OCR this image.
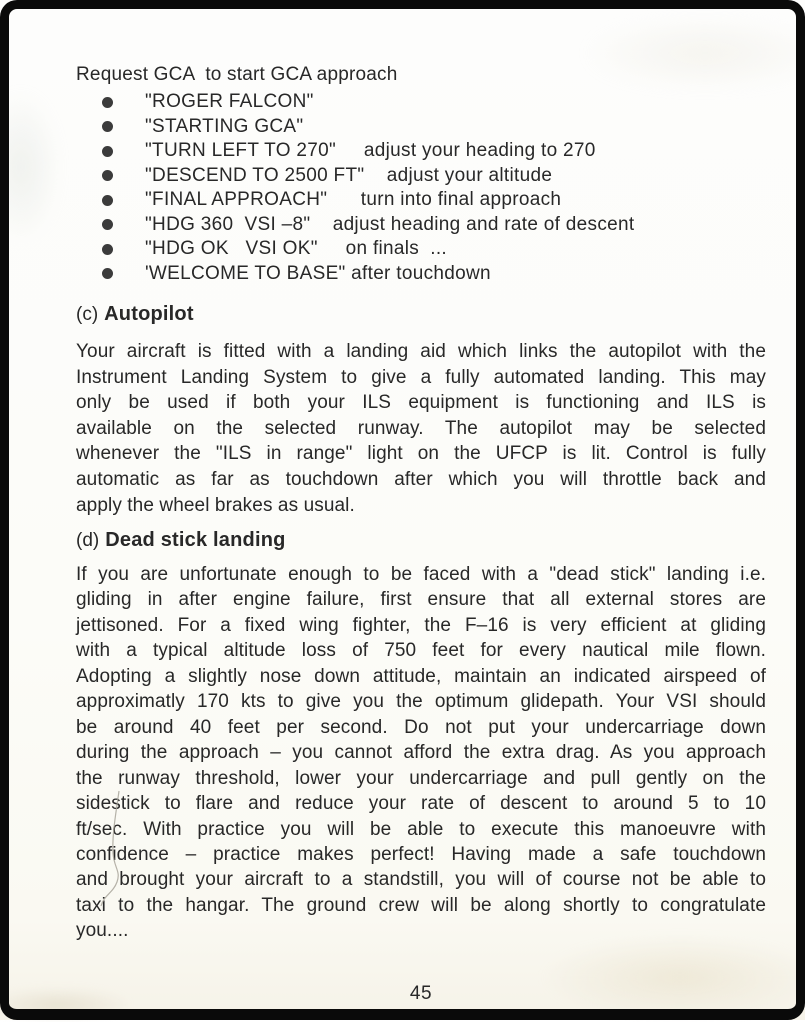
Request GCA  to start GCA approach
"ROGER FALCON"
"STARTING GCA"
"TURN LEFT TO 270"     adjust your heading to 270
"DESCEND TO 2500 FT"    adjust your altitude
"FINAL APPROACH"      turn into final approach
"HDG 360  VSI –8"    adjust heading and rate of descent
"HDG OK   VSI OK"     on finals  ...
'WELCOME TO BASE" after touchdown
(c) Autopilot
Your aircraft is fitted with a landing aid which links the autopilot with the
Instrument Landing System to give a fully automated landing. This may
only be used if both your ILS equipment is functioning and ILS is
available on the selected runway. The autopilot may be selected
whenever the "ILS in range" light on the UFCP is lit. Control is fully
automatic as far as touchdown after which you will throttle back and
apply the wheel brakes as usual.
(d) Dead stick landing
If you are unfortunate enough to be faced with a "dead stick" landing i.e.
gliding in after engine failure, first ensure that all external stores are
jettisoned. For a fixed wing fighter, the F–16 is very efficient at gliding
with a typical altitude loss of 750 feet for every nautical mile flown.
Adopting a slightly nose down attitude, maintain an indicated airspeed of
approximatly 170 kts to give you the optimum glidepath. Your VSI should
be around 40 feet per second. Do not put your undercarriage down
during the approach – you cannot afford the extra drag. As you approach
the runway threshold, lower your undercarriage and pull gently on the
sidestick to flare and reduce your rate of descent to around 5 to 10
ft/sec. With practice you will be able to execute this manoeuvre with
confidence – practice makes perfect! Having made a safe touchdown
and brought your aircraft to a standstill, you will of course not be able to
taxi to the hangar. The ground crew will be along shortly to congratulate
you....
45
